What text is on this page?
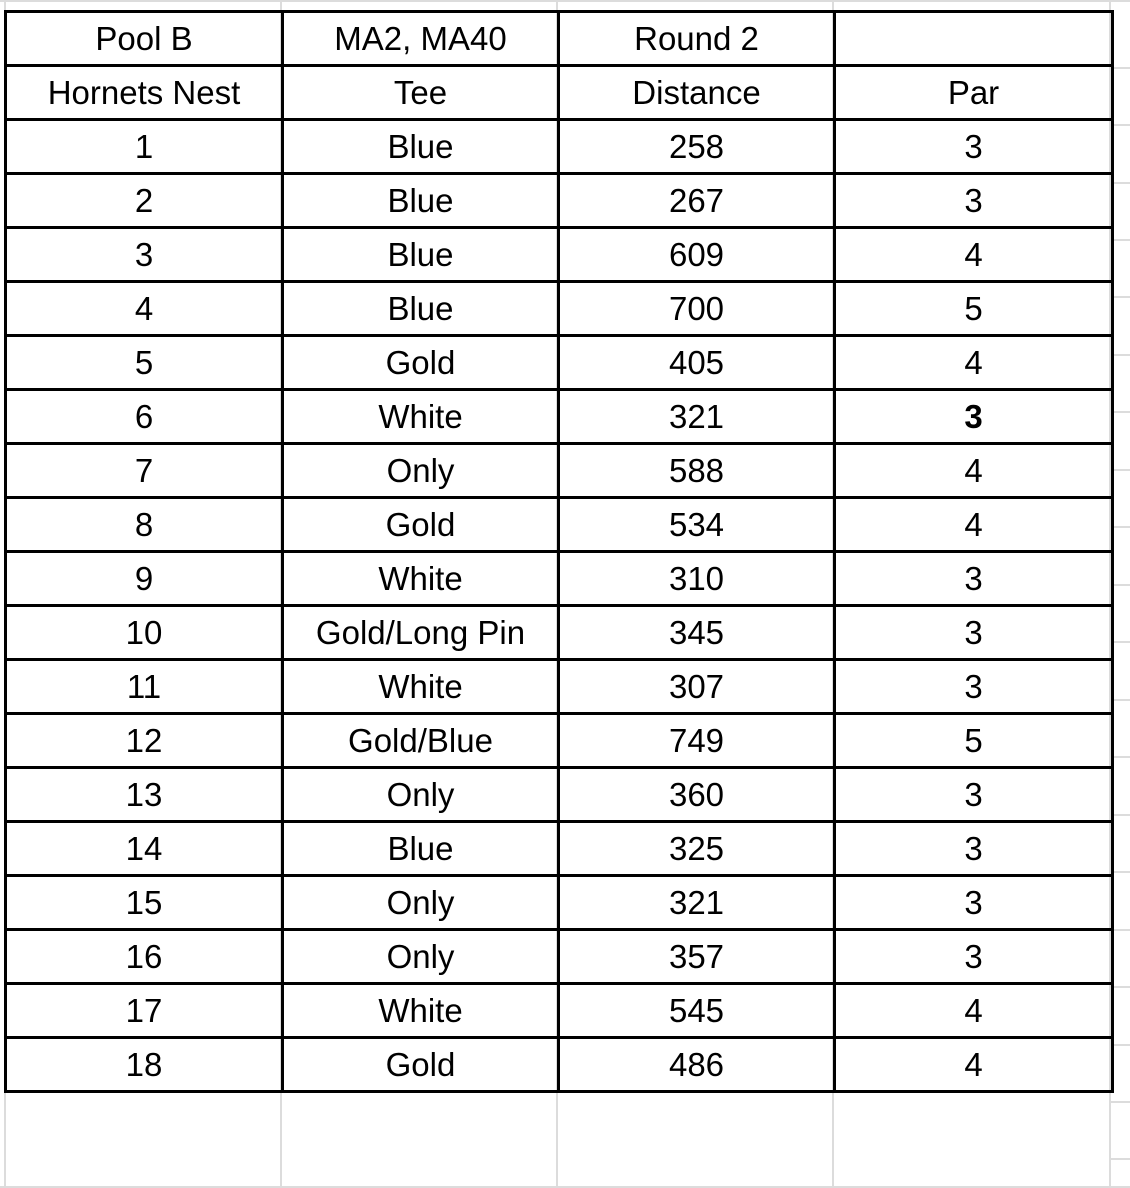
Pool B	MA2, MA40	Round 2	
Hornets Nest	Tee	Distance	Par
1	Blue	258	3
2	Blue	267	3
3	Blue	609	4
4	Blue	700	5
5	Gold	405	4
6	White	321	3
7	Only	588	4
8	Gold	534	4
9	White	310	3
10	Gold/Long Pin	345	3
11	White	307	3
12	Gold/Blue	749	5
13	Only	360	3
14	Blue	325	3
15	Only	321	3
16	Only	357	3
17	White	545	4
18	Gold	486	4
